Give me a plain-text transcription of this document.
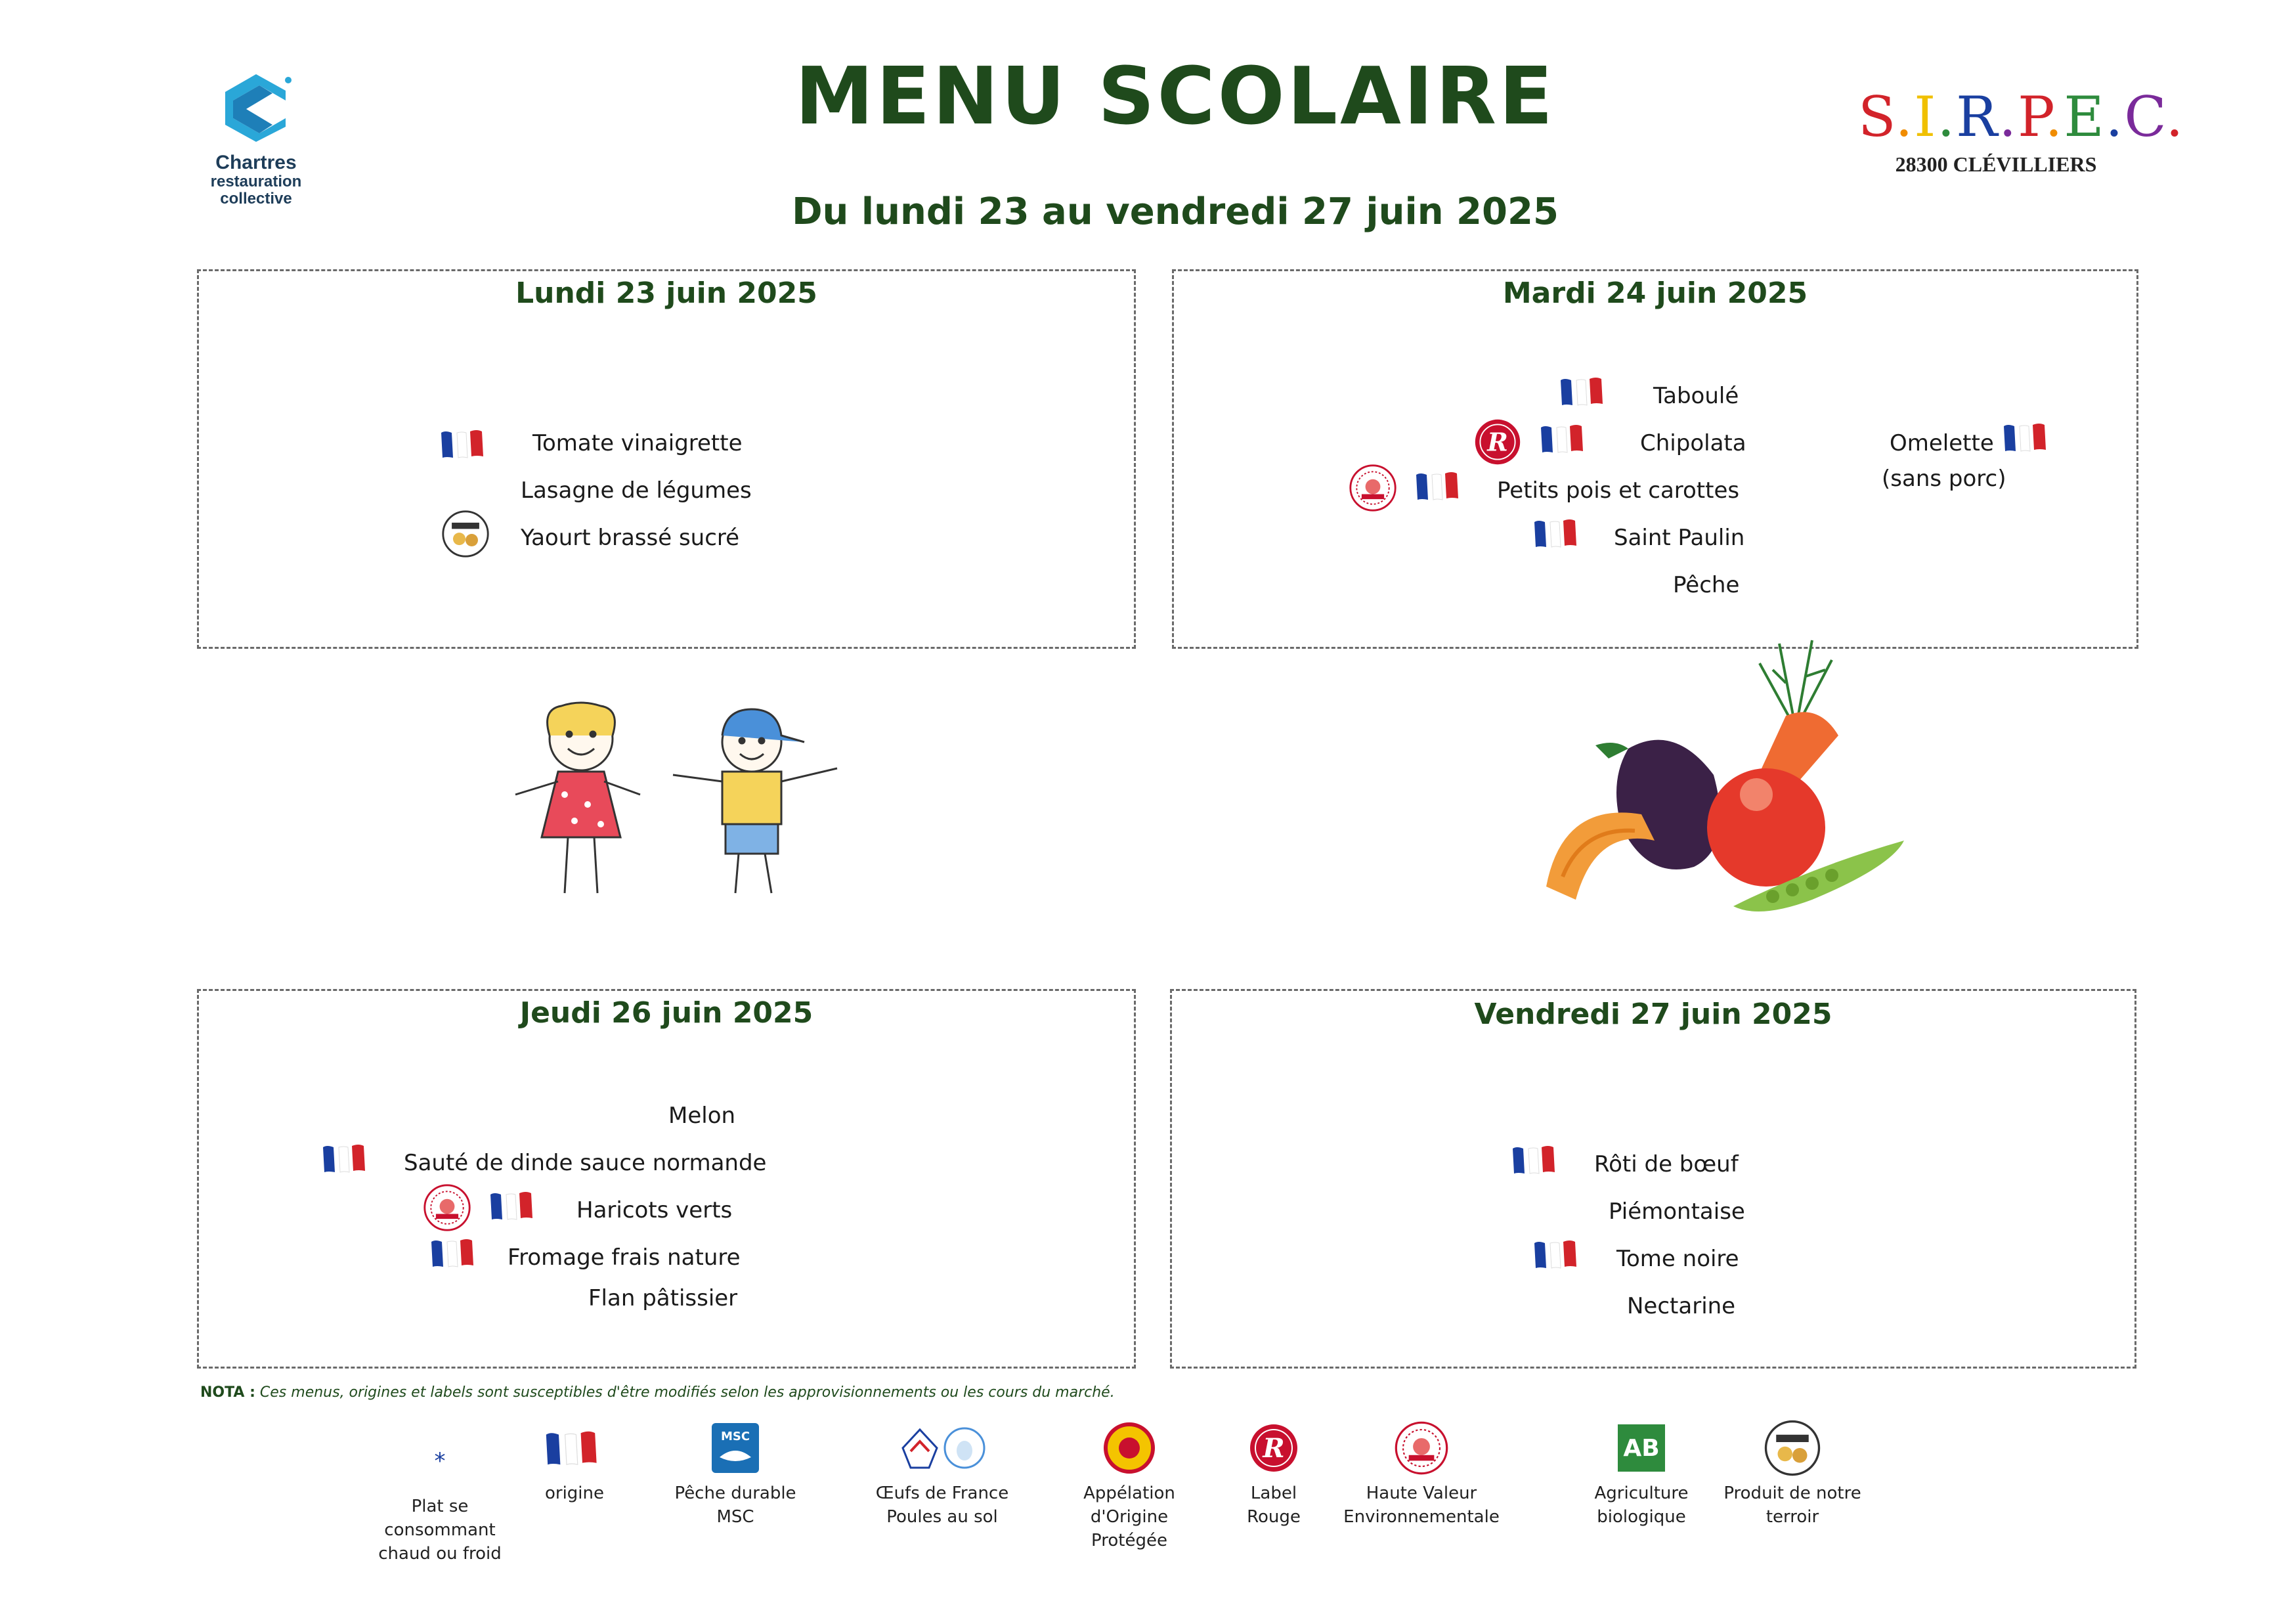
Chartres
restauration
collective
MENU SCOLAIRE
Du lundi 23 au vendredi 27 juin 2025
S.I.R.P.E.C.
28300 CLÉVILLIERS
Lundi 23 juin 2025
Tomate vinaigrette
Lasagne de légumes
Yaourt brassé sucré
Mardi 24 juin 2025
Taboulé
Chipolata
Petits pois et carottes
Saint Paulin
Pêche
Omelette
(sans porc)
Jeudi 26 juin 2025
Melon
Sauté de dinde sauce normande
Haricots verts
Fromage frais nature
Flan pâtissier
Vendredi 27 juin 2025
Rôti de bœuf
Piémontaise
Tome noire
Nectarine
NOTA : Ces menus, origines et labels sont susceptibles d'être modifiés selon les approvisionnements ou les cours du marché.
*
Plat se consommant chaud ou froid
origine
MSC
Pêche durable MSC
Œufs de France Poules au sol
Appélation d'Origine Protégée
Label Rouge
Haute Valeur Environnementale
AB
Agriculture biologique
Produit de notre terroir
